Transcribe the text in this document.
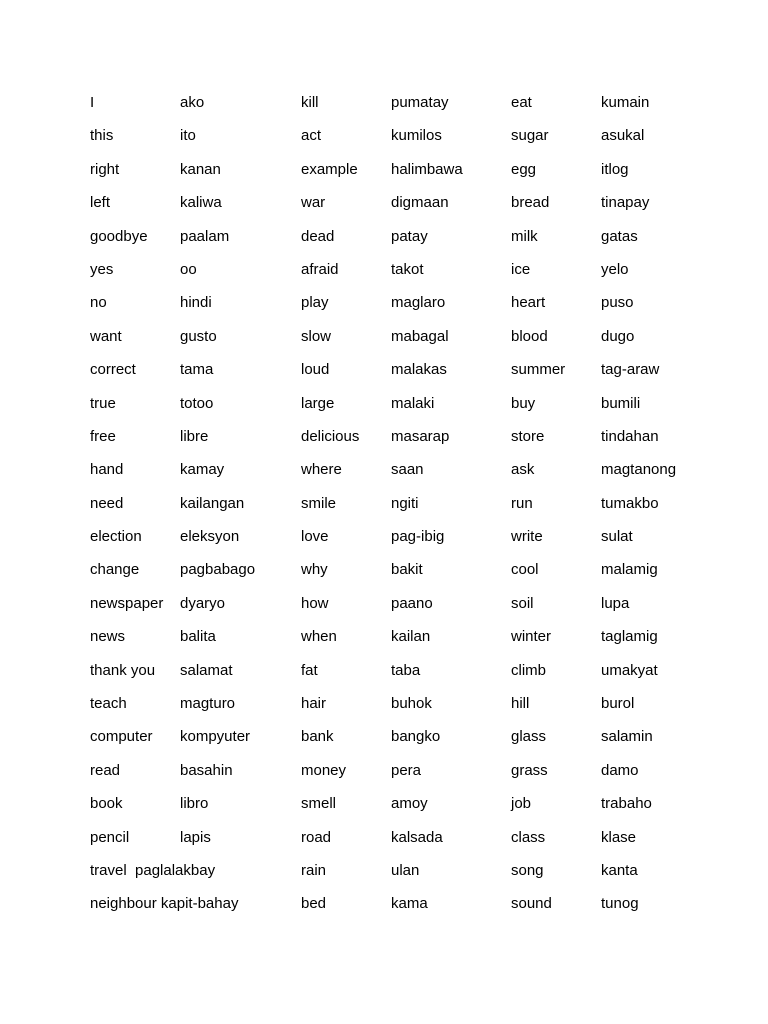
I	ako	kill	pumatay	eat	kumain
this	ito	act	kumilos	sugar	asukal
right	kanan	example halimbawa	egg	itlog
left	kaliwa	war	digmaan	bread	tinapay
goodbye paalam	dead	patay	milk	gatas
yes	oo	afraid	takot	ice	yelo
no	hindi	play	maglaro	heart	puso
want	gusto	slow	mabagal	blood	dugo
correct	tama	loud	malakas	summer tag-araw
true	totoo	large	malaki	buy	bumili
free	libre	delicious masarap	store	tindahan
hand	kamay	where	saan	ask	magtanong
need	kailangan	smile	ngiti	run	tumakbo
election	eleksyon	love	pag-ibig	write	sulat
change	pagbabago	why	bakit	cool	malamig
newspaper dyaryo	how	paano	soil	lupa
news	balita	when	kailan	winter	taglamig
thank you salamat	fat	taba	climb	umakyat
teach	magturo	hair	buhok	hill	burol
computer kompyuter	bank	bangko	glass	salamin
read	basahin	money	pera	grass	damo
book	libro	smell	amoy	job	trabaho
pencil	lapis	road	kalsada	class	klase
travel  paglalakbay	rain	ulan	song	kanta
neighbour kapit-bahay	bed	kama	sound	tunog
